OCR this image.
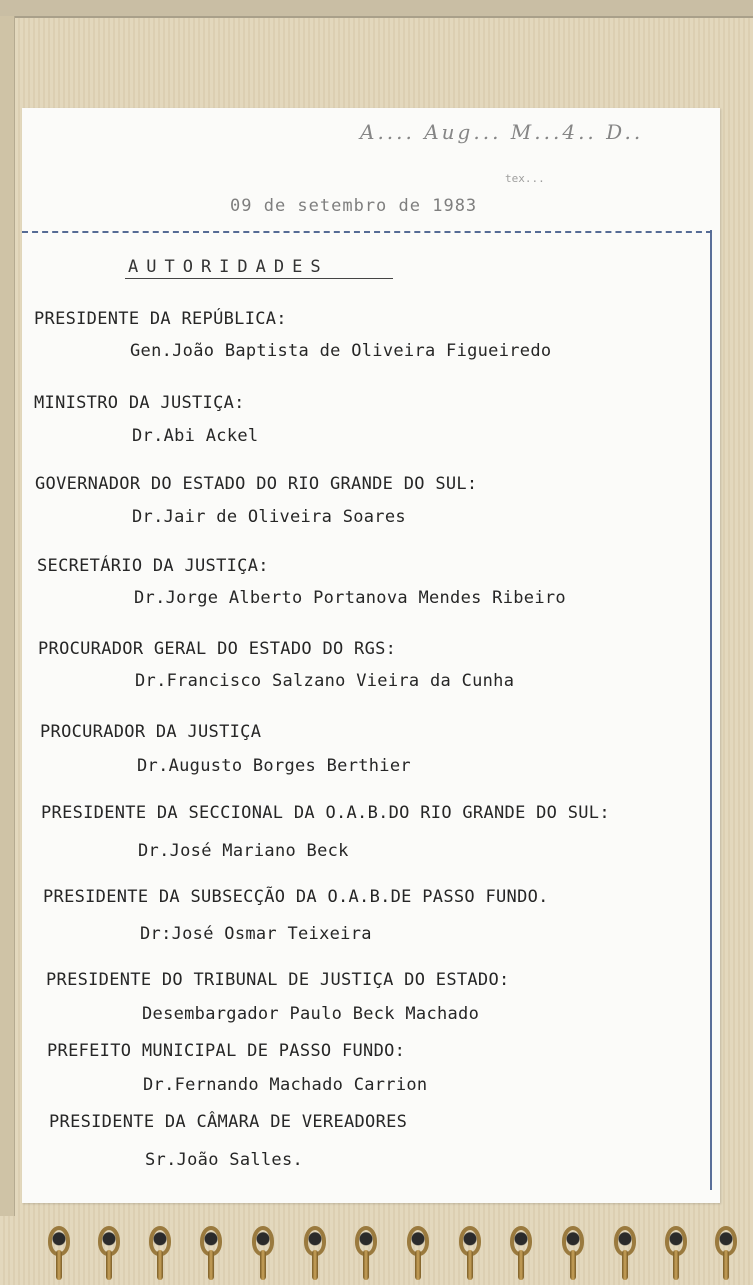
A.... Aug... M...4.. D..
tex...
09 de setembro de 1983
AUTORIDADES
PRESIDENTE DA REPÚBLICA:
Gen.João Baptista de Oliveira Figueiredo
MINISTRO DA JUSTIÇA:
Dr.Abi Ackel
GOVERNADOR DO ESTADO DO RIO GRANDE DO SUL:
Dr.Jair de Oliveira Soares
SECRETÁRIO DA JUSTIÇA:
Dr.Jorge Alberto Portanova Mendes Ribeiro
PROCURADOR GERAL DO ESTADO DO RGS:
Dr.Francisco Salzano Vieira da Cunha
PROCURADOR DA JUSTIÇA
Dr.Augusto Borges Berthier
PRESIDENTE DA SECCIONAL DA O.A.B.DO RIO GRANDE DO SUL:
Dr.José Mariano Beck
PRESIDENTE DA SUBSECÇÃO DA O.A.B.DE PASSO FUNDO.
Dr:José Osmar Teixeira
PRESIDENTE DO TRIBUNAL DE JUSTIÇA DO ESTADO:
Desembargador Paulo Beck Machado
PREFEITO MUNICIPAL DE PASSO FUNDO:
Dr.Fernando Machado Carrion
PRESIDENTE DA CÂMARA DE VEREADORES
Sr.João Salles.
